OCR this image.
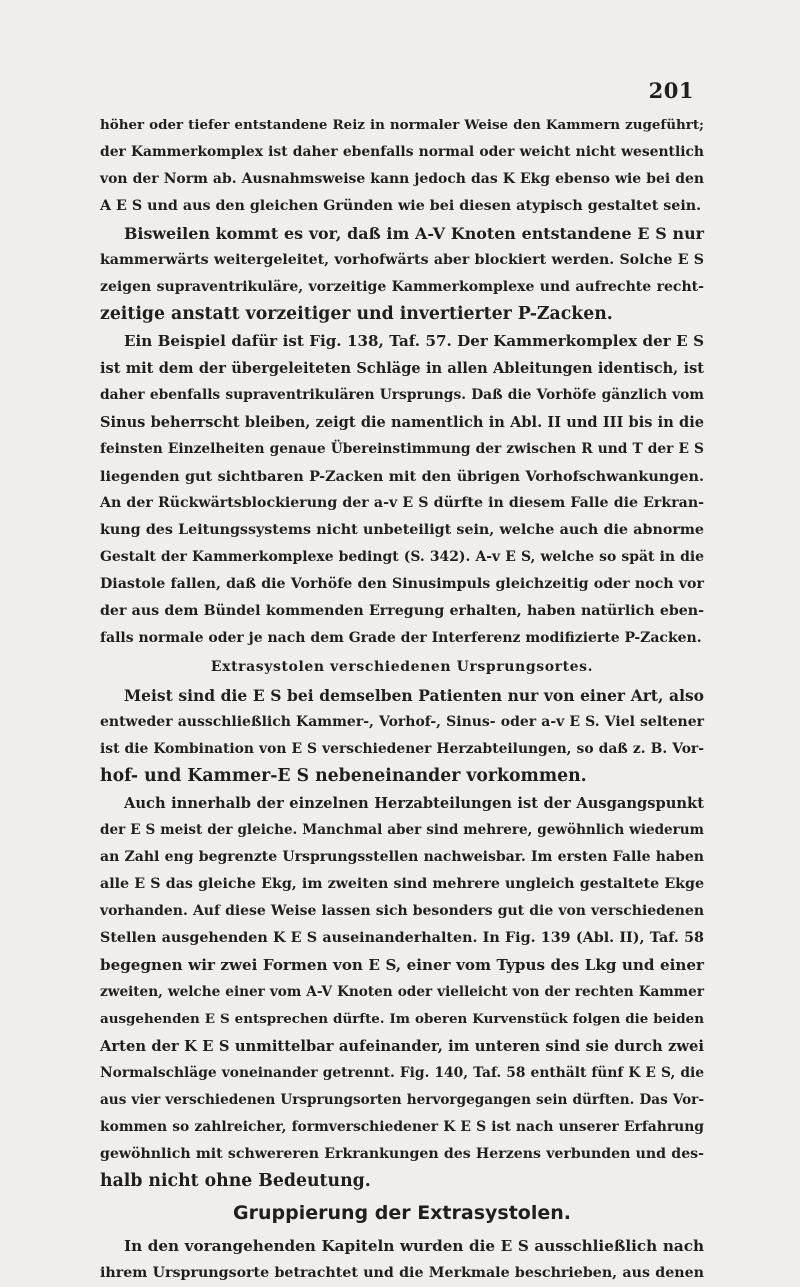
201
höher oder tiefer entstandene Reiz in normaler Weise den Kammern zugeführt;
der Kammerkomplex ist daher ebenfalls normal oder weicht nicht wesentlich
von der Norm ab. Ausnahmsweise kann jedoch das K Ekg ebenso wie bei den
A E S und aus den gleichen Gründen wie bei diesen atypisch gestaltet sein.
Bisweilen kommt es vor, daß im A-V Knoten entstandene E S nur
kammerwärts weitergeleitet, vorhofwärts aber blockiert werden. Solche E S
zeigen supraventrikuläre, vorzeitige Kammerkomplexe und aufrechte recht-
zeitige anstatt vorzeitiger und invertierter P-Zacken.
Ein Beispiel dafür ist Fig. 138, Taf. 57. Der Kammerkomplex der E S
ist mit dem der übergeleiteten Schläge in allen Ableitungen identisch, ist
daher ebenfalls supraventrikulären Ursprungs. Daß die Vorhöfe gänzlich vom
Sinus beherrscht bleiben, zeigt die namentlich in Abl. II und III bis in die
feinsten Einzelheiten genaue Übereinstimmung der zwischen R und T der E S
liegenden gut sichtbaren P-Zacken mit den übrigen Vorhofschwankungen.
An der Rückwärtsblockierung der a-v E S dürfte in diesem Falle die Erkran-
kung des Leitungssystems nicht unbeteiligt sein, welche auch die abnorme
Gestalt der Kammerkomplexe bedingt (S. 342). A-v E S, welche so spät in die
Diastole fallen, daß die Vorhöfe den Sinusimpuls gleichzeitig oder noch vor
der aus dem Bündel kommenden Erregung erhalten, haben natürlich eben-
falls normale oder je nach dem Grade der Interferenz modifizierte P-Zacken.
Extrasystolen verschiedenen Ursprungsortes.
Meist sind die E S bei demselben Patienten nur von einer Art, also
entweder ausschließlich Kammer-, Vorhof-, Sinus- oder a-v E S. Viel seltener
ist die Kombination von E S verschiedener Herzabteilungen, so daß z. B. Vor-
hof- und Kammer-E S nebeneinander vorkommen.
Auch innerhalb der einzelnen Herzabteilungen ist der Ausgangspunkt
der E S meist der gleiche. Manchmal aber sind mehrere, gewöhnlich wiederum
an Zahl eng begrenzte Ursprungsstellen nachweisbar. Im ersten Falle haben
alle E S das gleiche Ekg, im zweiten sind mehrere ungleich gestaltete Ekge
vorhanden. Auf diese Weise lassen sich besonders gut die von verschiedenen
Stellen ausgehenden K E S auseinanderhalten. In Fig. 139 (Abl. II), Taf. 58
begegnen wir zwei Formen von E S, einer vom Typus des Lkg und einer
zweiten, welche einer vom A-V Knoten oder vielleicht von der rechten Kammer
ausgehenden E S entsprechen dürfte. Im oberen Kurvenstück folgen die beiden
Arten der K E S unmittelbar aufeinander, im unteren sind sie durch zwei
Normalschläge voneinander getrennt. Fig. 140, Taf. 58 enthält fünf K E S, die
aus vier verschiedenen Ursprungsorten hervorgegangen sein dürften. Das Vor-
kommen so zahlreicher, formverschiedener K E S ist nach unserer Erfahrung
gewöhnlich mit schwereren Erkrankungen des Herzens verbunden und des-
halb nicht ohne Bedeutung.
Gruppierung der Extrasystolen.
In den vorangehenden Kapiteln wurden die E S ausschließlich nach
ihrem Ursprungsorte betrachtet und die Merkmale beschrieben, aus denen
